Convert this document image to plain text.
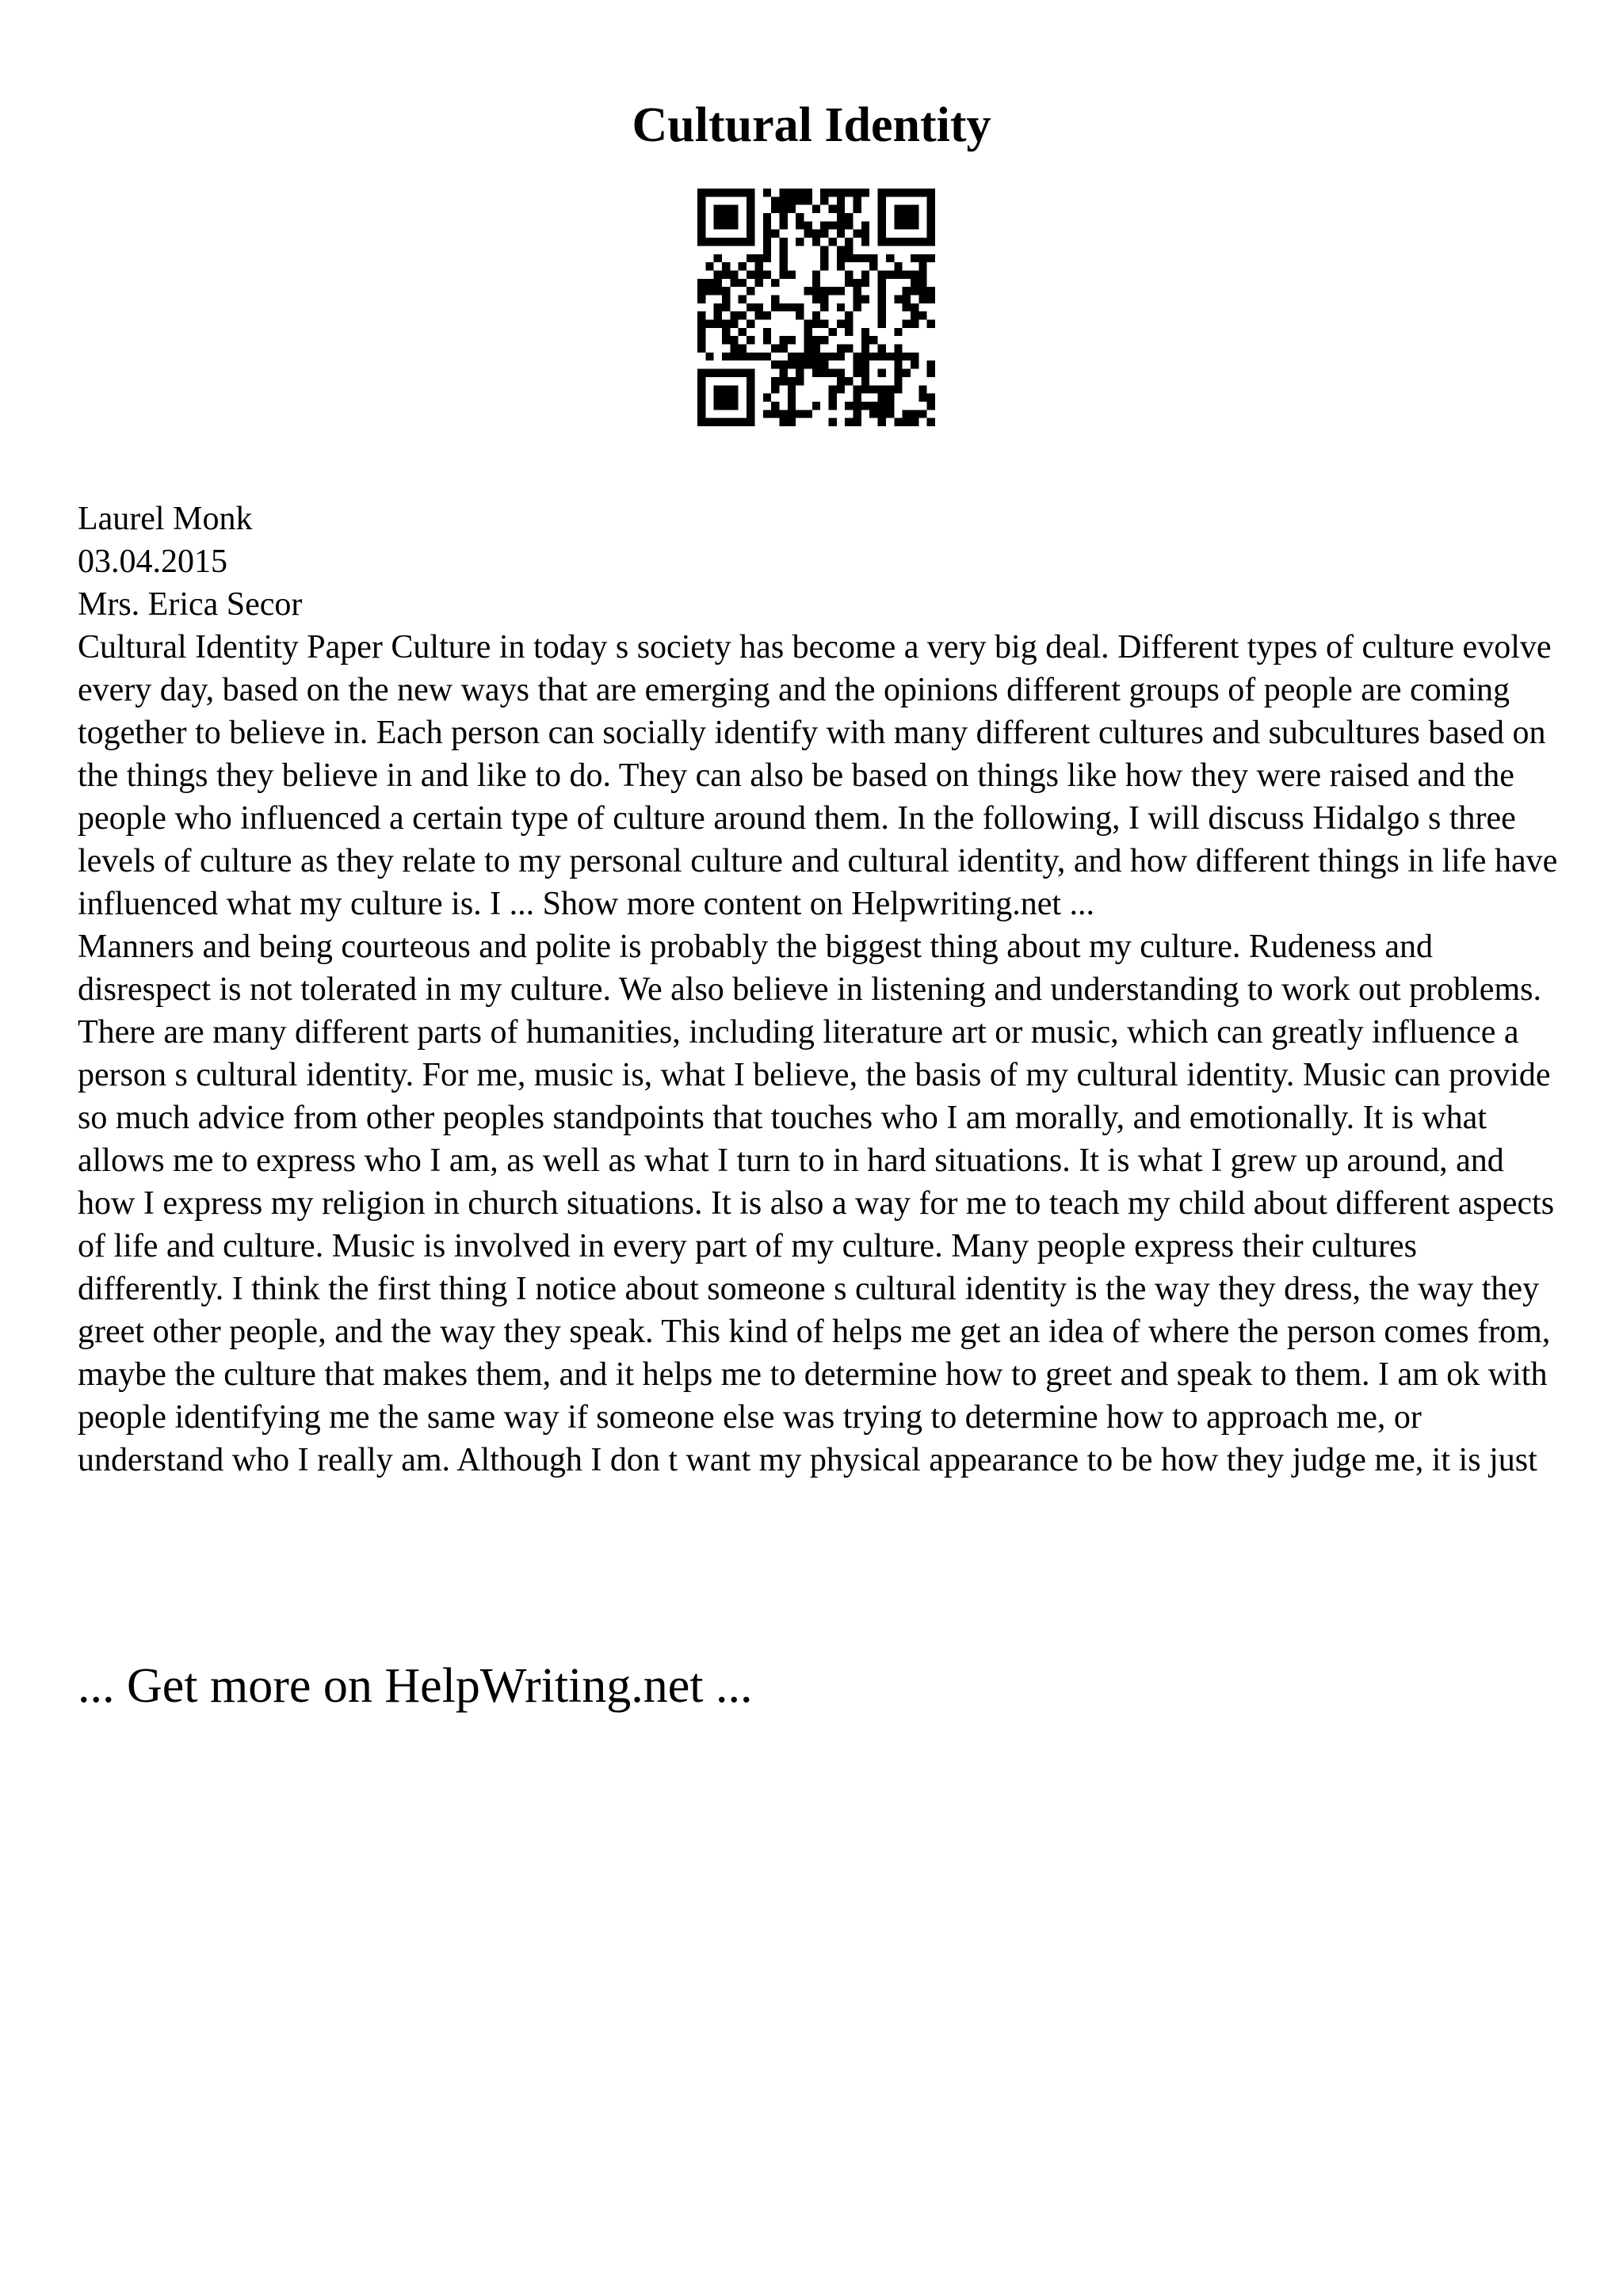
Cultural Identity
Laurel Monk
03.04.2015
Mrs. Erica Secor

Cultural Identity Paper Culture in today s society has become a very big deal. Different types of culture evolve every day, based on the new ways that are emerging and the opinions different groups of people are coming together to believe in. Each person can socially identify with many different cultures and subcultures based on the things they believe in and like to do. They can also be based on things like how they were raised and the people who influenced a certain type of culture around them. In the following, I will discuss Hidalgo s three levels of culture as they relate to my personal culture and cultural identity, and how different things in life have influenced what my culture is. I ... Show more content on Helpwriting.net ...

Manners and being courteous and polite is probably the biggest thing about my culture. Rudeness and disrespect is not tolerated in my culture. We also believe in listening and understanding to work out problems. There are many different parts of humanities, including literature art or music, which can greatly influence a person s cultural identity. For me, music is, what I believe, the basis of my cultural identity. Music can provide so much advice from other peoples standpoints that touches who I am morally, and emotionally. It is what allows me to express who I am, as well as what I turn to in hard situations. It is what I grew up around, and how I express my religion in church situations. It is also a way for me to teach my child about different aspects of life and culture. Music is involved in every part of my culture. Many people express their cultures differently. I think the first thing I notice about someone s cultural identity is the way they dress, the way they greet other people, and the way they speak. This kind of helps me get an idea of where the person comes from, maybe the culture that makes them, and it helps me to determine how to greet and speak to them. I am ok with people identifying me the same way if someone else was trying to determine how to approach me, or understand who I really am. Although I don t want my physical appearance to be how they judge me, it is just

... Get more on HelpWriting.net ...
